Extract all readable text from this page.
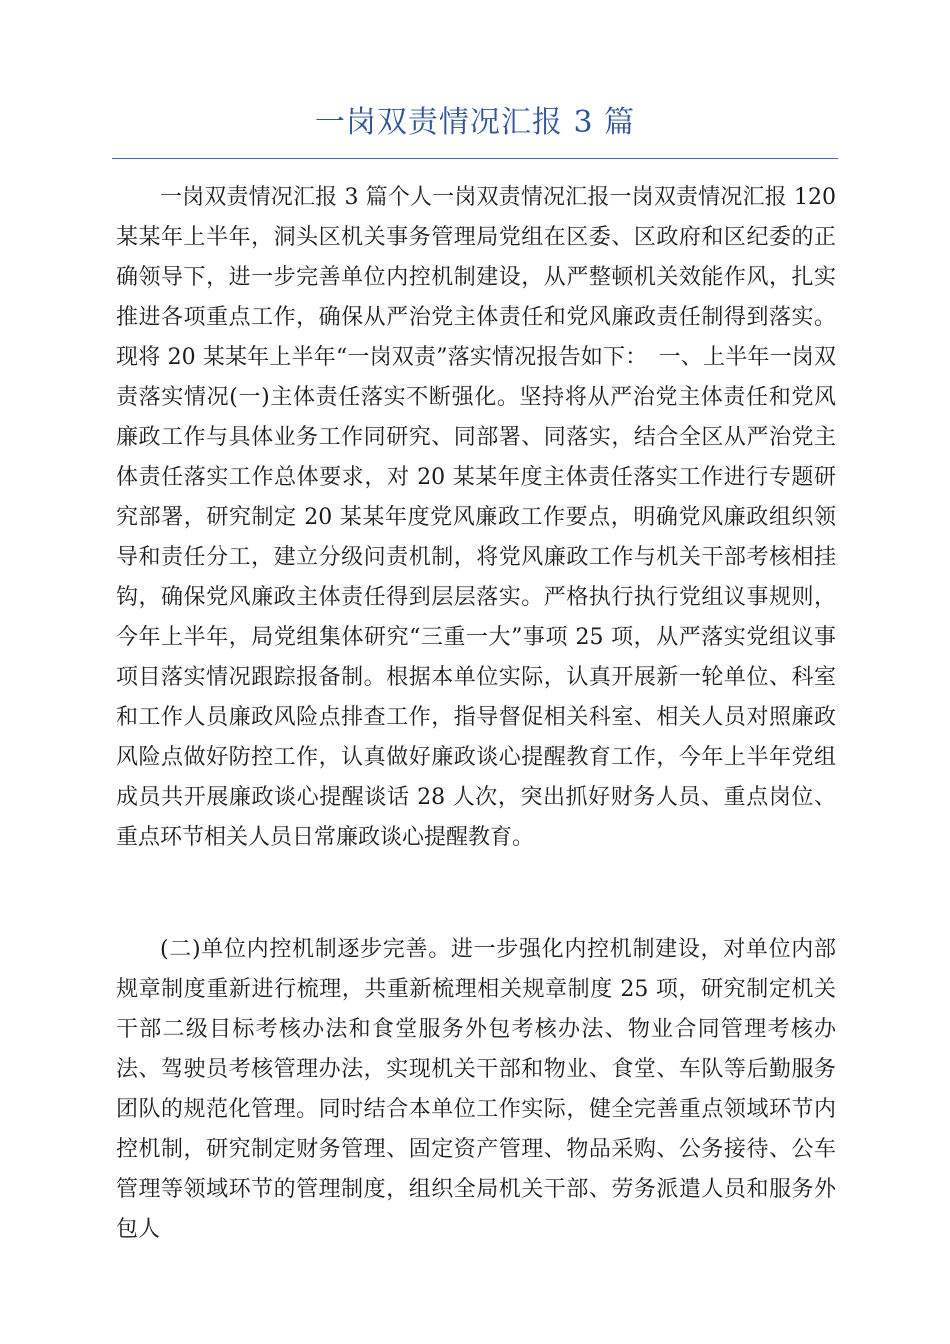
一岗双责情况汇报 3 篇

一岗双责情况汇报 3 篇个人一岗双责情况汇报一岗双责情况汇报 120 某某年上半年，洞头区机关事务管理局党组在区委、区政府和区纪委的正确领导下，进一步完善单位内控机制建设，从严整顿机关效能作风，扎实推进各项重点工作，确保从严治党主体责任和党风廉政责任制得到落实。现将 20 某某年上半年“一岗双责”落实情况报告如下：　一、上半年一岗双责落实情况(一)主体责任落实不断强化。坚持将从严治党主体责任和党风廉政工作与具体业务工作同研究、同部署、同落实，结合全区从严治党主体责任落实工作总体要求，对 20 某某年度主体责任落实工作进行专题研究部署，研究制定 20 某某年度党风廉政工作要点，明确党风廉政组织领导和责任分工，建立分级问责机制，将党风廉政工作与机关干部考核相挂钩，确保党风廉政主体责任得到层层落实。严格执行执行党组议事规则，今年上半年，局党组集体研究“三重一大”事项 25 项，从严落实党组议事项目落实情况跟踪报备制。根据本单位实际，认真开展新一轮单位、科室和工作人员廉政风险点排查工作，指导督促相关科室、相关人员对照廉政风险点做好防控工作，认真做好廉政谈心提醒教育工作，今年上半年党组成员共开展廉政谈心提醒谈话 28 人次，突出抓好财务人员、重点岗位、重点环节相关人员日常廉政谈心提醒教育。

(二)单位内控机制逐步完善。进一步强化内控机制建设，对单位内部规章制度重新进行梳理，共重新梳理相关规章制度 25 项，研究制定机关干部二级目标考核办法和食堂服务外包考核办法、物业合同管理考核办法、驾驶员考核管理办法，实现机关干部和物业、食堂、车队等后勤服务团队的规范化管理。同时结合本单位工作实际，健全完善重点领域环节内控机制，研究制定财务管理、固定资产管理、物品采购、公务接待、公车管理等领域环节的管理制度，组织全局机关干部、劳务派遣人员和服务外包人
